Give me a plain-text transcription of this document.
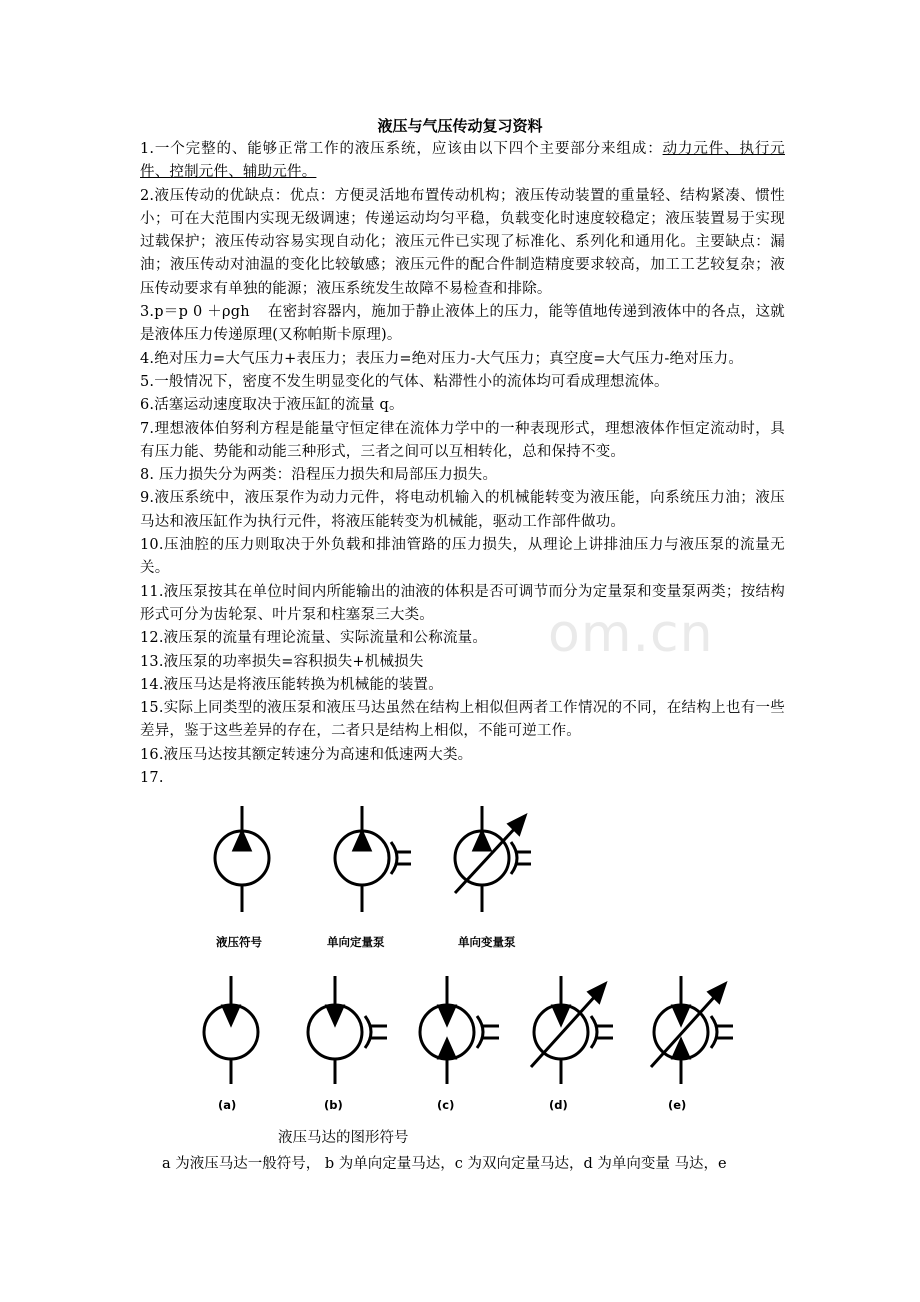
om.cn
液压与气压传动复习资料

1.一个完整的、能够正常工作的液压系统，应该由以下四个主要部分来组成：动力元件、执行元件、控制元件、辅助元件。

2.液压传动的优缺点：优点：方便灵活地布置传动机构；液压传动装置的重量轻、结构紧凑、惯性小；可在大范围内实现无级调速；传递运动均匀平稳，负载变化时速度较稳定；液压装置易于实现过载保护；液压传动容易实现自动化；液压元件已实现了标准化、系列化和通用化。主要缺点：漏油；液压传动对油温的变化比较敏感；液压元件的配合件制造精度要求较高，加工工艺较复杂；液压传动要求有单独的能源；液压系统发生故障不易检查和排除。

3.p＝p 0 ＋ρgh 在密封容器内，施加于静止液体上的压力，能等值地传递到液体中的各点，这就是液体压力传递原理(又称帕斯卡原理)。

4.绝对压力=大气压力+表压力；表压力=绝对压力-大气压力；真空度=大气压力-绝对压力。

5.一般情况下，密度不发生明显变化的气体、粘滞性小的流体均可看成理想流体。

6.活塞运动速度取决于液压缸的流量 q。

7.理想液体伯努利方程是能量守恒定律在流体力学中的一种表现形式，理想液体作恒定流动时，具有压力能、势能和动能三种形式，三者之间可以互相转化，总和保持不变。

8. 压力损失分为两类：沿程压力损失和局部压力损失。

9.液压系统中，液压泵作为动力元件，将电动机输入的机械能转变为液压能，向系统压力油；液压马达和液压缸作为执行元件，将液压能转变为机械能，驱动工作部件做功。

10.压油腔的压力则取决于外负载和排油管路的压力损失，从理论上讲排油压力与液压泵的流量无关。

11.液压泵按其在单位时间内所能输出的油液的体积是否可调节而分为定量泵和变量泵两类；按结构形式可分为齿轮泵、叶片泵和柱塞泵三大类。

12.液压泵的流量有理论流量、实际流量和公称流量。

13.液压泵的功率损失=容积损失+机械损失

14.液压马达是将液压能转换为机械能的装置。

15.实际上同类型的液压泵和液压马达虽然在结构上相似但两者工作情况的不同，在结构上也有一些差异，鉴于这些差异的存在，二者只是结构上相似，不能可逆工作。

16.液压马达按其额定转速分为高速和低速两大类。

17.

液压符号	单向定量泵	单向变量泵
(a)	(b)	(c)	(d)	(e)
液压马达的图形符号
a 为液压马达一般符号， b 为单向定量马达，c 为双向定量马达，d 为单向变量 马达，e
